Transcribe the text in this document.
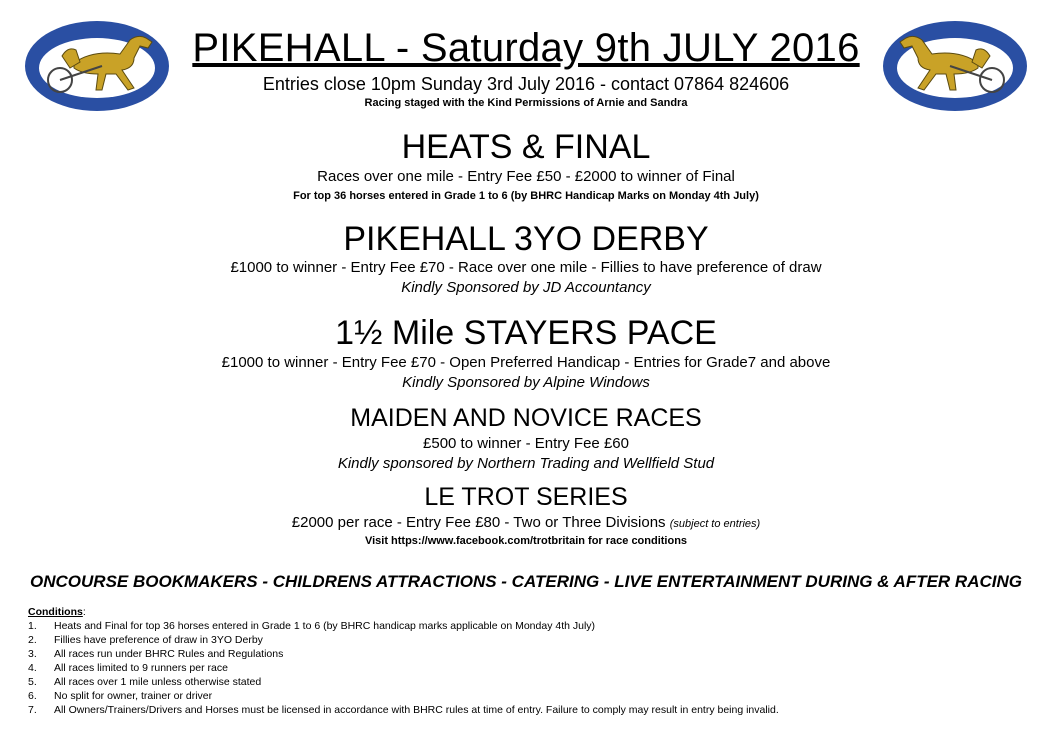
PIKEHALL - Saturday 9th JULY 2016
Entries close 10pm Sunday 3rd July 2016 - contact 07864 824606
Racing staged with the Kind Permissions of Arnie and Sandra
HEATS & FINAL
Races over one mile - Entry Fee £50 - £2000 to winner of Final
For top 36 horses entered in Grade 1 to 6 (by BHRC Handicap Marks on Monday 4th July)
PIKEHALL 3YO DERBY
£1000 to winner - Entry Fee £70 - Race over one mile - Fillies to have preference of draw
Kindly Sponsored by JD Accountancy
1½ Mile STAYERS PACE
£1000 to winner - Entry Fee £70 - Open Preferred Handicap - Entries for Grade7 and above
Kindly Sponsored by Alpine Windows
MAIDEN AND NOVICE RACES
£500 to winner - Entry Fee £60
Kindly sponsored by Northern Trading and Wellfield Stud
LE TROT SERIES
£2000 per race - Entry Fee £80 - Two or Three Divisions (subject to entries)
Visit https://www.facebook.com/trotbritain for race conditions
ONCOURSE BOOKMAKERS - CHILDRENS ATTRACTIONS - CATERING - LIVE ENTERTAINMENT DURING & AFTER RACING
Conditions:
1.	Heats and Final for top 36 horses entered in Grade 1 to 6 (by BHRC handicap marks applicable on Monday 4th July)
2.	Fillies have preference of draw in 3YO Derby
3.	All races run under BHRC Rules and Regulations
4.	All races limited to 9 runners per race
5.	All races over 1 mile unless otherwise stated
6.	No split for owner, trainer or driver
7.	All Owners/Trainers/Drivers and Horses must be licensed in accordance with BHRC rules at time of entry. Failure to comply may result in entry being invalid.
